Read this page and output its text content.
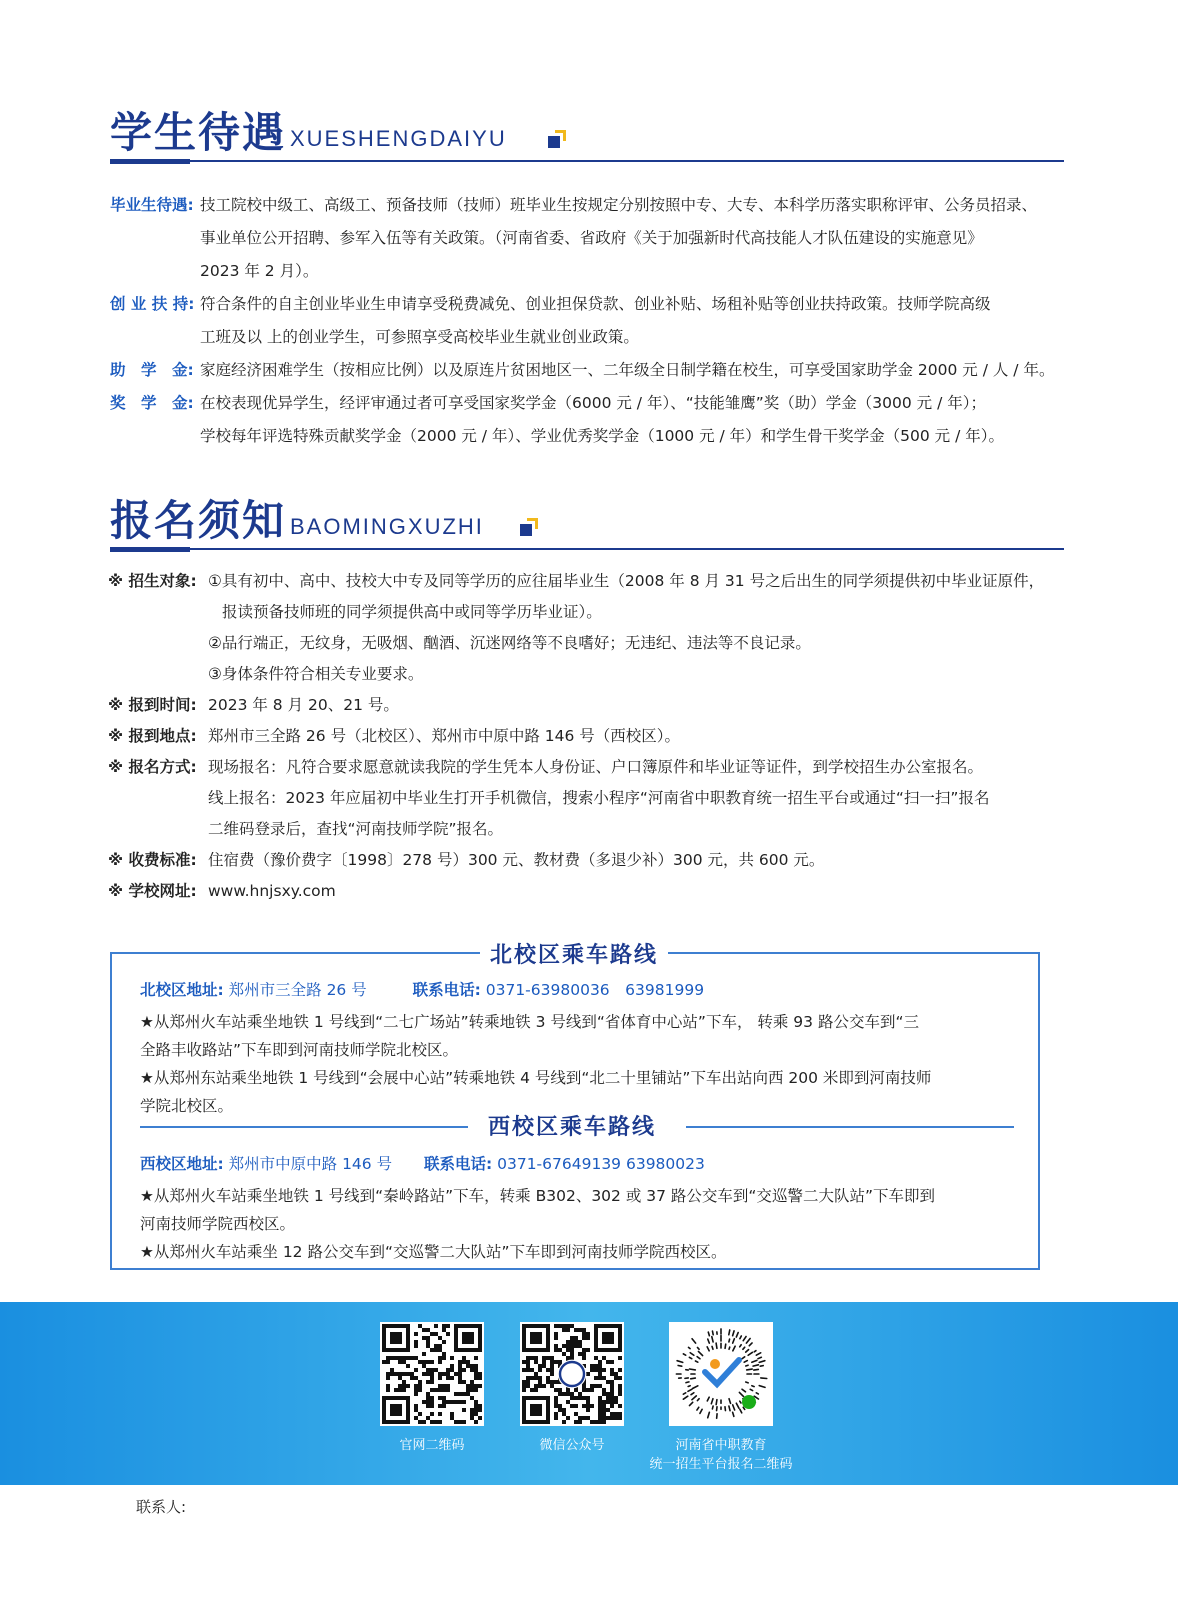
学生待遇 XUESHENGDAIYU
毕业生待遇: 技工院校中级工、高级工、预备技师（技师）班毕业生按规定分别按照中专、大专、本科学历落实职称评审、公务员招录、
事业单位公开招聘、参军入伍等有关政策。（河南省委、省政府《关于加强新时代高技能人才队伍建设的实施意见》
2023 年 2 月）。
创 业 扶 持: 符合条件的自主创业毕业生申请享受税费减免、创业担保贷款、创业补贴、场租补贴等创业扶持政策。技师学院高级
工班及以 上的创业学生，可参照享受高校毕业生就业创业政策。
助　学　金: 家庭经济困难学生（按相应比例）以及原连片贫困地区一、二年级全日制学籍在校生，可享受国家助学金 2000 元 / 人 / 年。
奖　学　金: 在校表现优异学生，经评审通过者可享受国家奖学金（6000 元 / 年）、“技能雏鹰”奖（助）学金（3000 元 / 年）；
学校每年评选特殊贡献奖学金（2000 元 / 年）、学业优秀奖学金（1000 元 / 年）和学生骨干奖学金（500 元 / 年）。
报名须知 BAOMINGXUZHI
※ 招生对象: ①具有初中、高中、技校大中专及同等学历的应往届毕业生（2008 年 8 月 31 号之后出生的同学须提供初中毕业证原件，
报读预备技师班的同学须提供高中或同等学历毕业证）。
②品行端正，无纹身，无吸烟、酗酒、沉迷网络等不良嗜好；无违纪、违法等不良记录。
③身体条件符合相关专业要求。
※ 报到时间: 2023 年 8 月 20、21 号。
※ 报到地点: 郑州市三全路 26 号（北校区）、郑州市中原中路 146 号（西校区）。
※ 报名方式: 现场报名：凡符合要求愿意就读我院的学生凭本人身份证、户口簿原件和毕业证等证件，到学校招生办公室报名。
线上报名：2023 年应届初中毕业生打开手机微信，搜索小程序“河南省中职教育统一招生平台或通过“扫一扫”报名
二维码登录后，查找“河南技师学院”报名。
※ 收费标准: 住宿费（豫价费字〔1998〕278 号）300 元、教材费（多退少补）300 元，共 600 元。
※ 学校网址: www.hnjsxy.com
北校区乘车路线
北校区地址: 郑州市三全路 26 号	联系电话: 0371-63980036　63981999
★从郑州火车站乘坐地铁 1 号线到“二七广场站”转乘地铁 3 号线到“省体育中心站”下车， 转乘 93 路公交车到“三
全路丰收路站”下车即到河南技师学院北校区。
★从郑州东站乘坐地铁 1 号线到“会展中心站”转乘地铁 4 号线到“北二十里铺站”下车出站向西 200 米即到河南技师
学院北校区。
西校区乘车路线
西校区地址: 郑州市中原中路 146 号 联系电话: 0371-67649139 63980023
★从郑州火车站乘坐地铁 1 号线到“秦岭路站”下车，转乘 B302、302 或 37 路公交车到“交巡警二大队站”下车即到
河南技师学院西校区。
★从郑州火车站乘坐 12 路公交车到“交巡警二大队站”下车即到河南技师学院西校区。
官网二维码	微信公众号	河南省中职教育
统一招生平台报名二维码
联系人:
